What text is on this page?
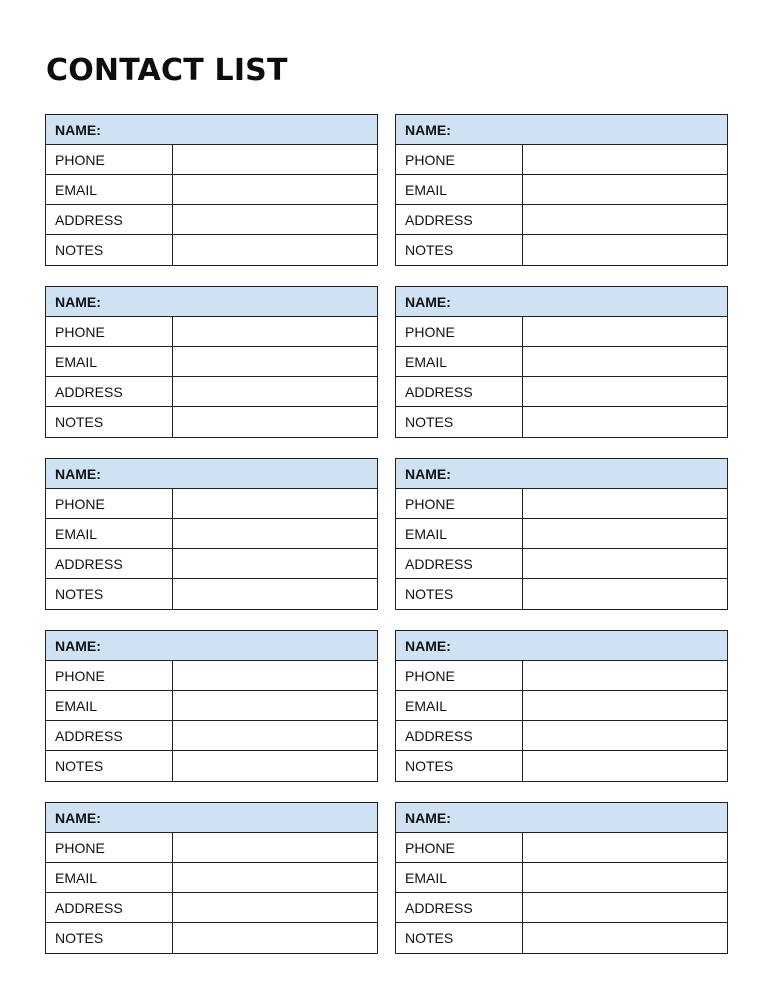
CONTACT LIST
NAME:
PHONE
EMAIL
ADDRESS
NOTES
NAME:
PHONE
EMAIL
ADDRESS
NOTES
NAME:
PHONE
EMAIL
ADDRESS
NOTES
NAME:
PHONE
EMAIL
ADDRESS
NOTES
NAME:
PHONE
EMAIL
ADDRESS
NOTES
NAME:
PHONE
EMAIL
ADDRESS
NOTES
NAME:
PHONE
EMAIL
ADDRESS
NOTES
NAME:
PHONE
EMAIL
ADDRESS
NOTES
NAME:
PHONE
EMAIL
ADDRESS
NOTES
NAME:
PHONE
EMAIL
ADDRESS
NOTES
